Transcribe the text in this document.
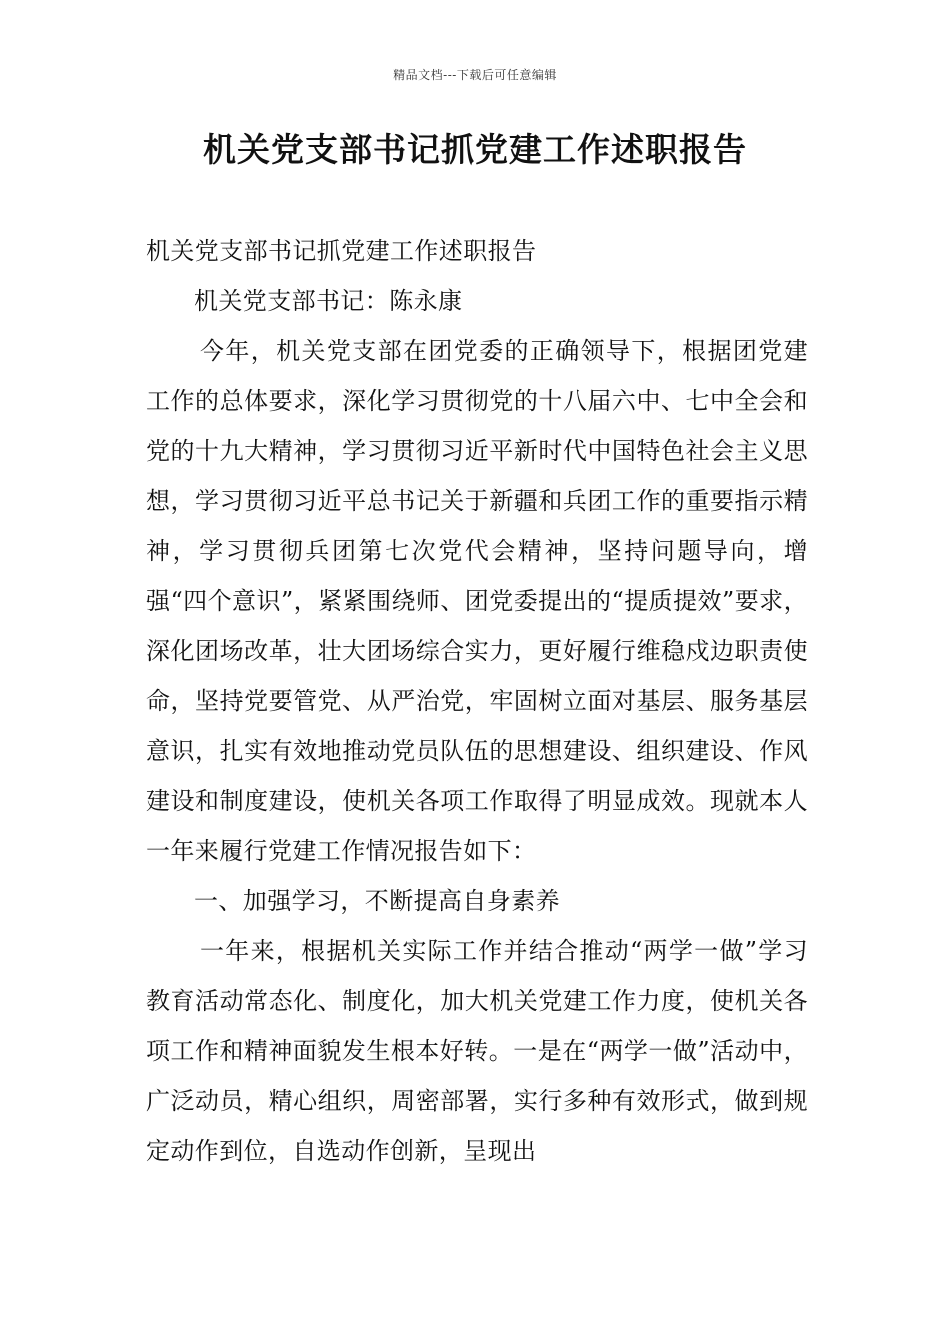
精品文档---下载后可任意编辑
机关党支部书记抓党建工作述职报告

机关党支部书记抓党建工作述职报告

机关党支部书记：陈永康

今年，机关党支部在团党委的正确领导下，根据团党建工作的总体要求，深化学习贯彻党的十八届六中、七中全会和党的十九大精神，学习贯彻习近平新时代中国特色社会主义思想，学习贯彻习近平总书记关于新疆和兵团工作的重要指示精神，学习贯彻兵团第七次党代会精神，坚持问题导向，增强“四个意识”，紧紧围绕师、团党委提出的“提质提效”要求，深化团场改革，壮大团场综合实力，更好履行维稳戍边职责使命，坚持党要管党、从严治党，牢固树立面对基层、服务基层意识，扎实有效地推动党员队伍的思想建设、组织建设、作风建设和制度建设，使机关各项工作取得了明显成效。现就本人一年来履行党建工作情况报告如下：

一、加强学习，不断提高自身素养

一年来，根据机关实际工作并结合推动“两学一做”学习教育活动常态化、制度化，加大机关党建工作力度，使机关各项工作和精神面貌发生根本好转。一是在“两学一做”活动中，广泛动员，精心组织，周密部署，实行多种有效形式，做到规定动作到位，自选动作创新，呈现出
